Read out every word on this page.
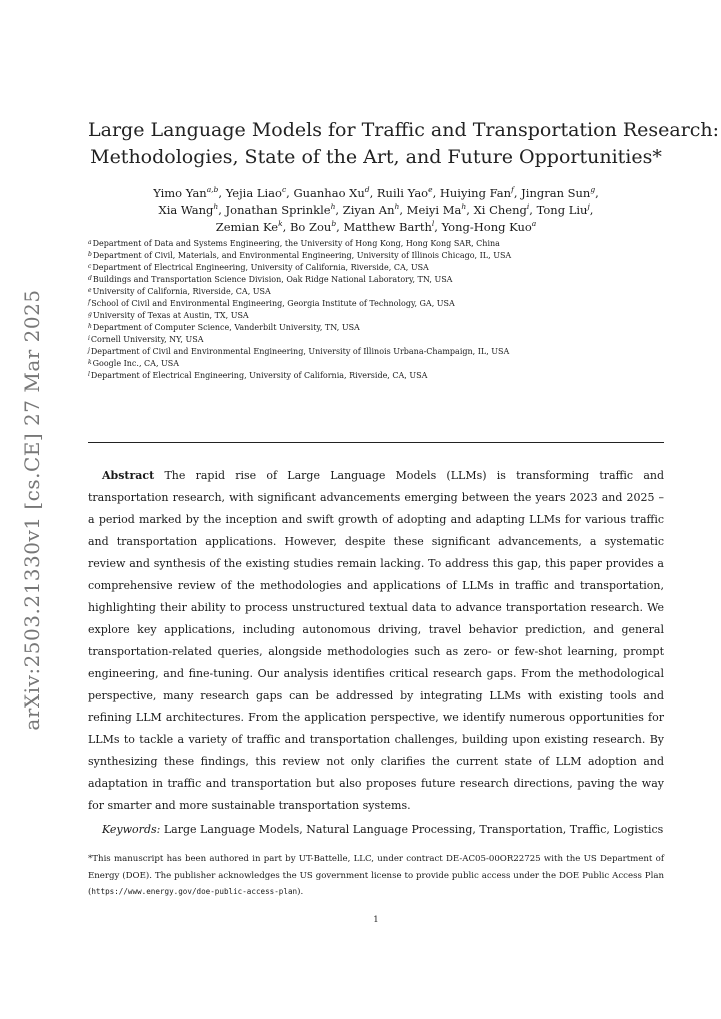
arXiv:2503.21330v1 [cs.CE] 27 Mar 2025
Large Language Models for Traffic and Transportation Research:
Methodologies, State of the Art, and Future Opportunities*
Yimo Yan$^{a,b}$, Yejia Liao$^c$, Guanhao Xu$^d$, Ruili Yao$^e$, Huiying Fan$^f$, Jingran Sun$^g$,
Xia Wang$^h$, Jonathan Sprinkle$^h$, Ziyan An$^h$, Meiyi Ma$^h$, Xi Cheng$^i$, Tong Liu$^j$,
Zemian Ke$^k$, Bo Zou$^b$, Matthew Barth$^l$, Yong-Hong Kuo$^a$
$^a$Department of Data and Systems Engineering, the University of Hong Kong, Hong Kong SAR, China
$^b$Department of Civil, Materials, and Environmental Engineering, University of Illinois Chicago, IL, USA
$^c$Department of Electrical Engineering, University of California, Riverside, CA, USA
$^d$Buildings and Transportation Science Division, Oak Ridge National Laboratory, TN, USA
$^e$University of California, Riverside, CA, USA
$^f$School of Civil and Environmental Engineering, Georgia Institute of Technology, GA, USA
$^g$University of Texas at Austin, TX, USA
$^h$Department of Computer Science, Vanderbilt University, TN, USA
$^i$Cornell University, NY, USA
$^j$Department of Civil and Environmental Engineering, University of Illinois Urbana-Champaign, IL, USA
$^k$Google Inc., CA, USA
$^l$Department of Electrical Engineering, University of California, Riverside, CA, USA
Abstract The rapid rise of Large Language Models (LLMs) is transforming traffic and transportation research, with significant advancements emerging between the years 2023 and 2025 – a period marked by the inception and swift growth of adopting and adapting LLMs for various traffic and transportation applications. However, despite these significant advancements, a systematic review and synthesis of the existing studies remain lacking. To address this gap, this paper provides a comprehensive review of the methodologies and applications of LLMs in traffic and transportation, highlighting their ability to process unstructured textual data to advance transportation research. We explore key applications, including autonomous driving, travel behavior prediction, and general transportation-related queries, alongside methodologies such as zero- or few-shot learning, prompt engineering, and fine-tuning. Our analysis identifies critical research gaps. From the methodological perspective, many research gaps can be addressed by integrating LLMs with existing tools and refining LLM architectures. From the application perspective, we identify numerous opportunities for LLMs to tackle a variety of traffic and transportation challenges, building upon existing research. By synthesizing these findings, this review not only clarifies the current state of LLM adoption and adaptation in traffic and transportation but also proposes future research directions, paving the way for smarter and more sustainable transportation systems.
Keywords: Large Language Models, Natural Language Processing, Transportation, Traffic, Logistics
*This manuscript has been authored in part by UT-Battelle, LLC, under contract DE-AC05-00OR22725 with the US Department of Energy (DOE). The publisher acknowledges the US government license to provide public access under the DOE Public Access Plan (https://www.energy.gov/doe-public-access-plan).
1
